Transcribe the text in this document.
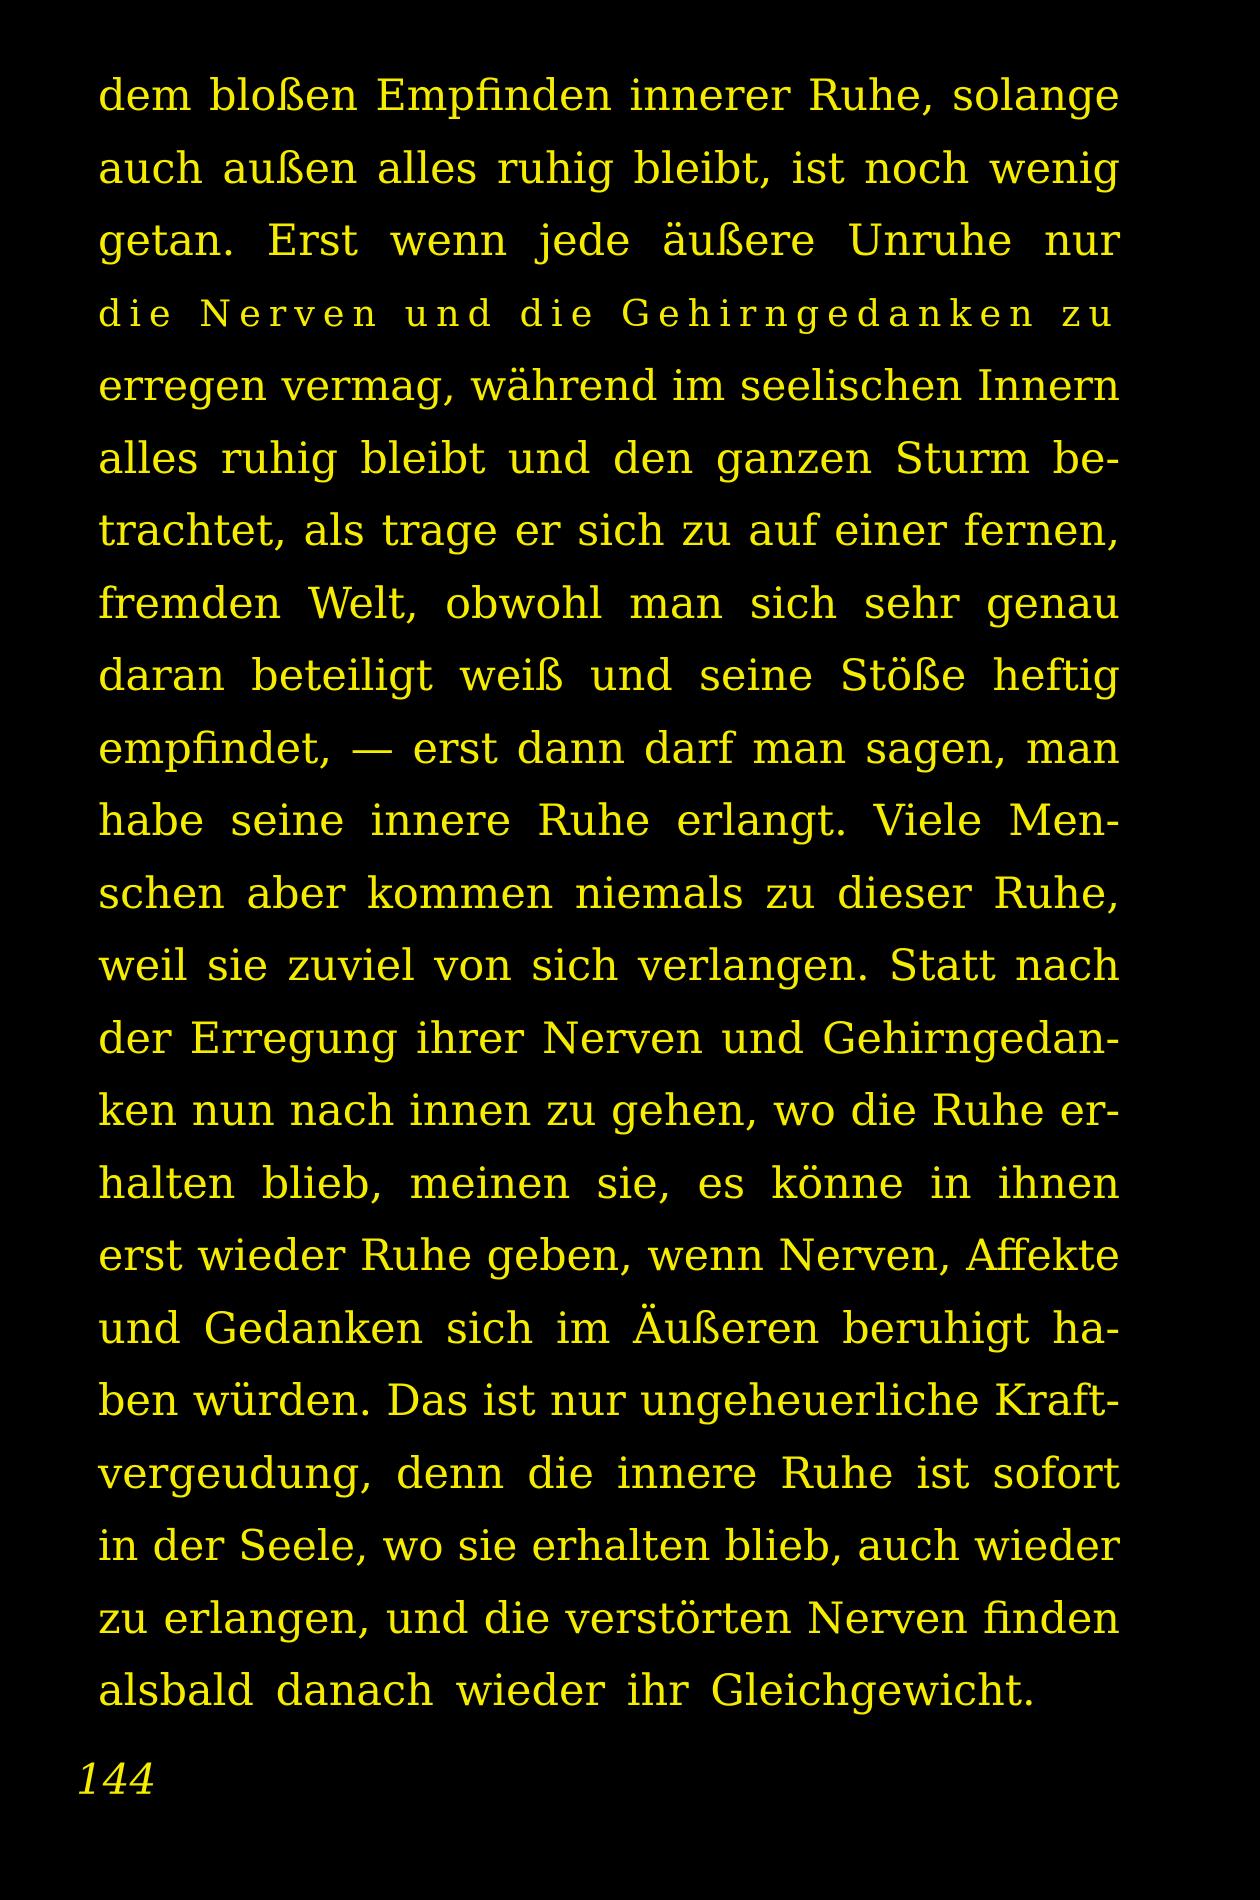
dem bloßen Empfinden innerer Ruhe, solange
auch außen alles ruhig bleibt, ist noch wenig
getan. Erst wenn jede äußere Unruhe nur
die Nerven und die Gehirngedanken zu
erregen vermag, während im seelischen Innern
alles ruhig bleibt und den ganzen Sturm be-
trachtet, als trage er sich zu auf einer fernen,
fremden Welt, obwohl man sich sehr genau
daran beteiligt weiß und seine Stöße heftig
empfindet, — erst dann darf man sagen, man
habe seine innere Ruhe erlangt. Viele Men-
schen aber kommen niemals zu dieser Ruhe,
weil sie zuviel von sich verlangen. Statt nach
der Erregung ihrer Nerven und Gehirngedan-
ken nun nach innen zu gehen, wo die Ruhe er-
halten blieb, meinen sie, es könne in ihnen
erst wieder Ruhe geben, wenn Nerven, Affekte
und Gedanken sich im Äußeren beruhigt ha-
ben würden. Das ist nur ungeheuerliche Kraft-
vergeudung, denn die innere Ruhe ist sofort
in der Seele, wo sie erhalten blieb, auch wieder
zu erlangen, und die verstörten Nerven finden
alsbald danach wieder ihr Gleichgewicht.
144
